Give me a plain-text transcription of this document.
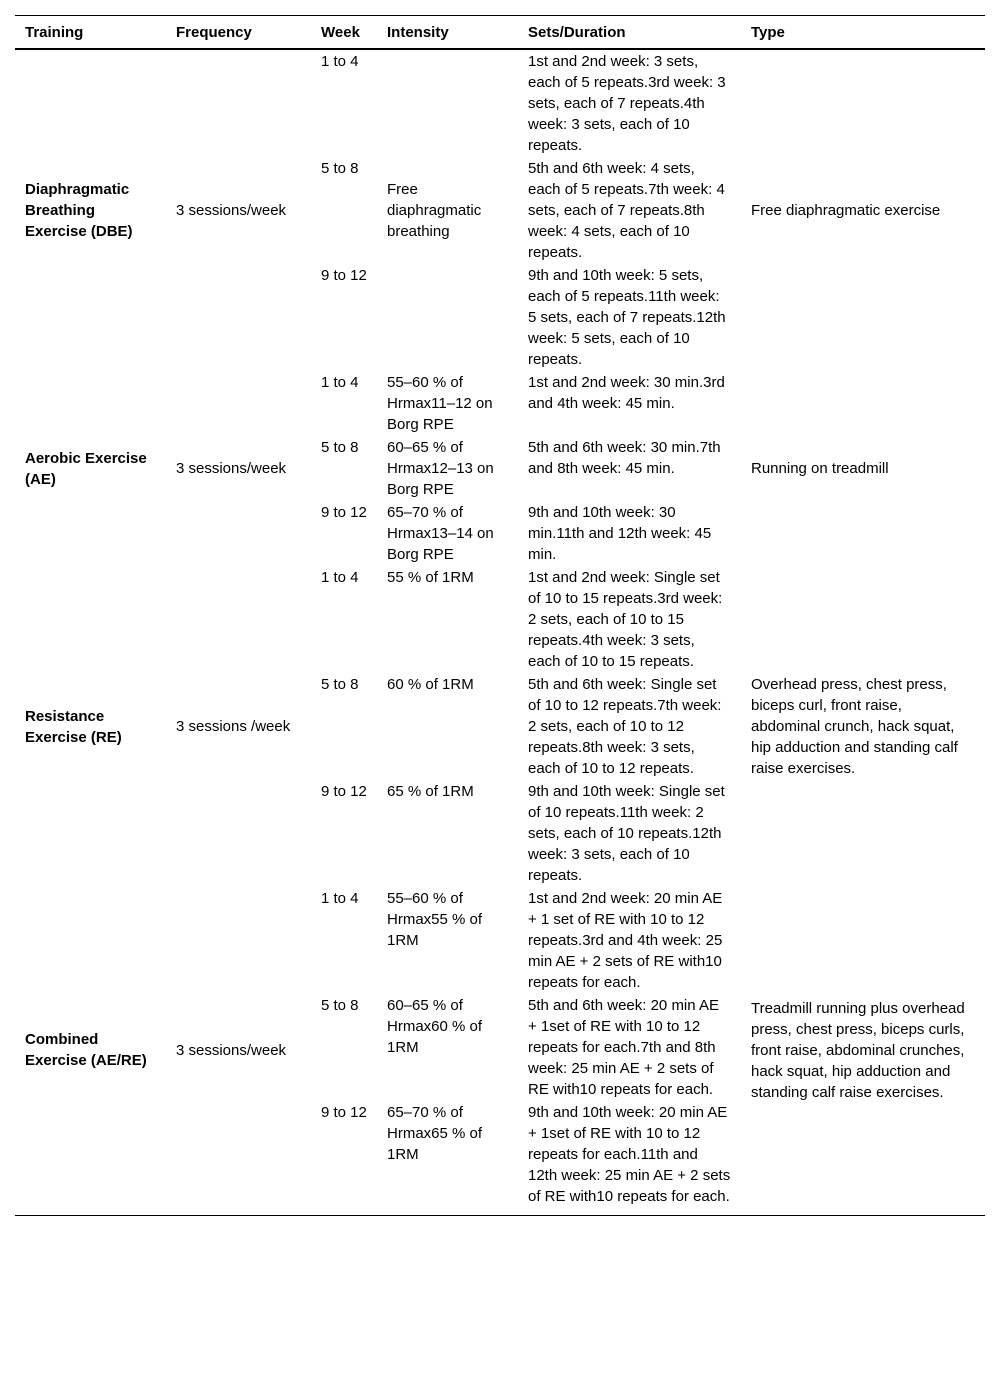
Training	Frequency	Week	Intensity	Sets/Duration	Type
Diaphragmatic Breathing Exercise (DBE)	3 sessions/week	1 to 4	Free diaphragmatic breathing	1st and 2nd week: 3 sets, each of 5 repeats.3rd week: 3 sets, each of 7 repeats.4th week: 3 sets, each of 10 repeats.	Free diaphragmatic exercise
		5 to 8		5th and 6th week: 4 sets, each of 5 repeats.7th week: 4 sets, each of 7 repeats.8th week: 4 sets, each of 10 repeats.	
		9 to 12		9th and 10th week: 5 sets, each of 5 repeats.11th week: 5 sets, each of 7 repeats.12th week: 5 sets, each of 10 repeats.	
Aerobic Exercise (AE)	3 sessions/week	1 to 4	55–60 % of Hrmax11–12 on Borg RPE	1st and 2nd week: 30 min.3rd and 4th week: 45 min.	Running on treadmill
		5 to 8	60–65 % of Hrmax12–13 on Borg RPE	5th and 6th week: 30 min.7th and 8th week: 45 min.	
		9 to 12	65–70 % of Hrmax13–14 on Borg RPE	9th and 10th week: 30 min.11th and 12th week: 45 min.	
Resistance Exercise (RE)	3 sessions /week	1 to 4	55 % of 1RM	1st and 2nd week: Single set of 10 to 15 repeats.3rd week: 2 sets, each of 10 to 15 repeats.4th week: 3 sets, each of 10 to 15 repeats.	Overhead press, chest press, biceps curl, front raise, abdominal crunch, hack squat, hip adduction and standing calf raise exercises.
		5 to 8	60 % of 1RM	5th and 6th week: Single set of 10 to 12 repeats.7th week: 2 sets, each of 10 to 12 repeats.8th week: 3 sets, each of 10 to 12 repeats.	
		9 to 12	65 % of 1RM	9th and 10th week: Single set of 10 repeats.11th week: 2 sets, each of 10 repeats.12th week: 3 sets, each of 10 repeats.	
Combined Exercise (AE/RE)	3 sessions/week	1 to 4	55–60 % of Hrmax55 % of 1RM	1st and 2nd week: 20 min AE + 1 set of RE with 10 to 12 repeats.3rd and 4th week: 25 min AE + 2 sets of RE with10 repeats for each.	Treadmill running plus overhead press, chest press, biceps curls, front raise, abdominal crunches, hack squat, hip adduction and standing calf raise exercises.
		5 to 8	60–65 % of Hrmax60 % of 1RM	5th and 6th week: 20 min AE + 1set of RE with 10 to 12 repeats for each.7th and 8th week: 25 min AE + 2 sets of RE with10 repeats for each.	
		9 to 12	65–70 % of Hrmax65 % of 1RM	9th and 10th week: 20 min AE + 1set of RE with 10 to 12 repeats for each.11th and 12th week: 25 min AE + 2 sets of RE with10 repeats for each.	
